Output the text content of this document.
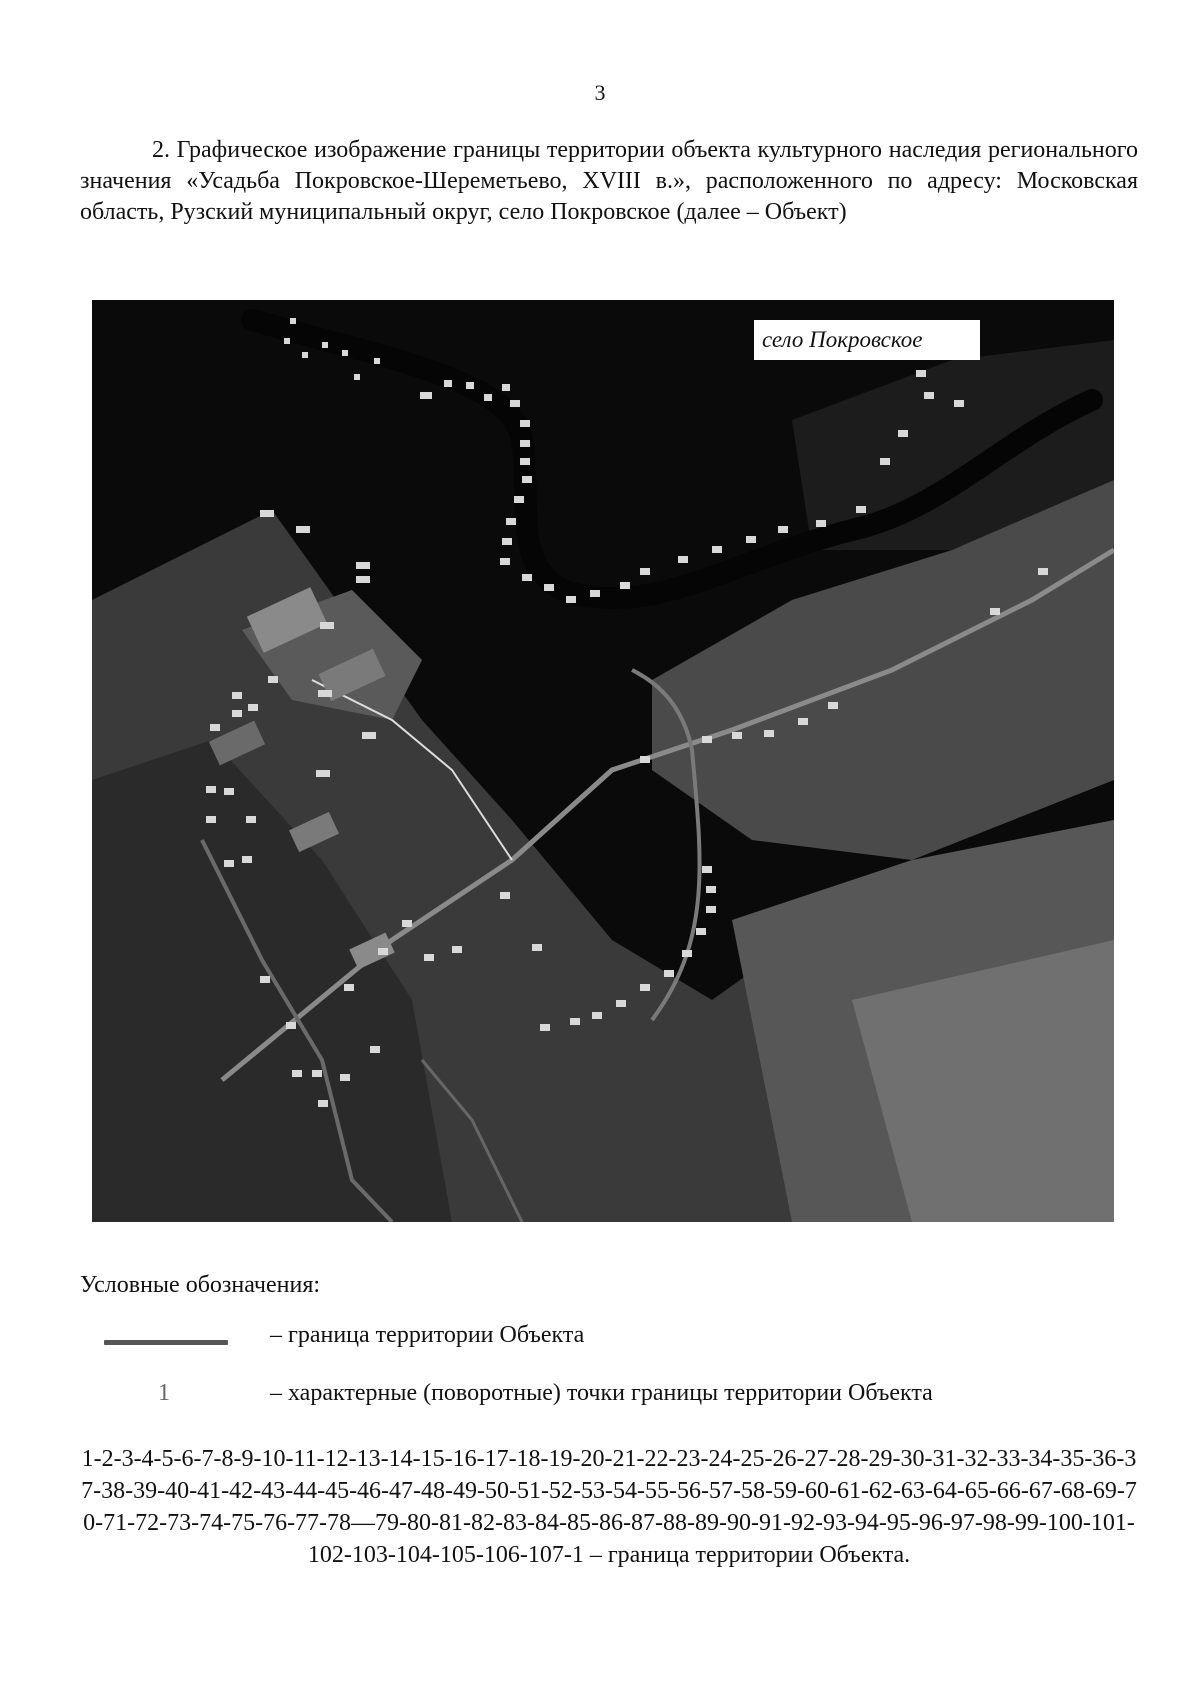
3

2. Графическое изображение границы территории объекта культурного наследия регионального значения «Усадьба Покровское-Шереметьево, XVIII в.», расположенного по адресу: Московская область, Рузский муниципальный округ, село Покровское (далее – Объект)

село Покровское
Условные обозначения:
– граница территории Объекта
1	– характерные (поворотные) точки границы территории Объекта

1-2-3-4-5-6-7-8-9-10-11-12-13-14-15-16-17-18-19-20-21-22-23-24-25-26-27-28-29-30-31-32-33-34-35-36-37-38-39-40-41-42-43-44-45-46-47-48-49-50-51-52-53-54-55-56-57-58-59-60-61-62-63-64-65-66-67-68-69-70-71-72-73-74-75-76-77-78—79-80-81-82-83-84-85-86-87-88-89-90-91-92-93-94-95-96-97-98-99-100-101-102-103-104-105-106-107-1 – граница территории Объекта.
